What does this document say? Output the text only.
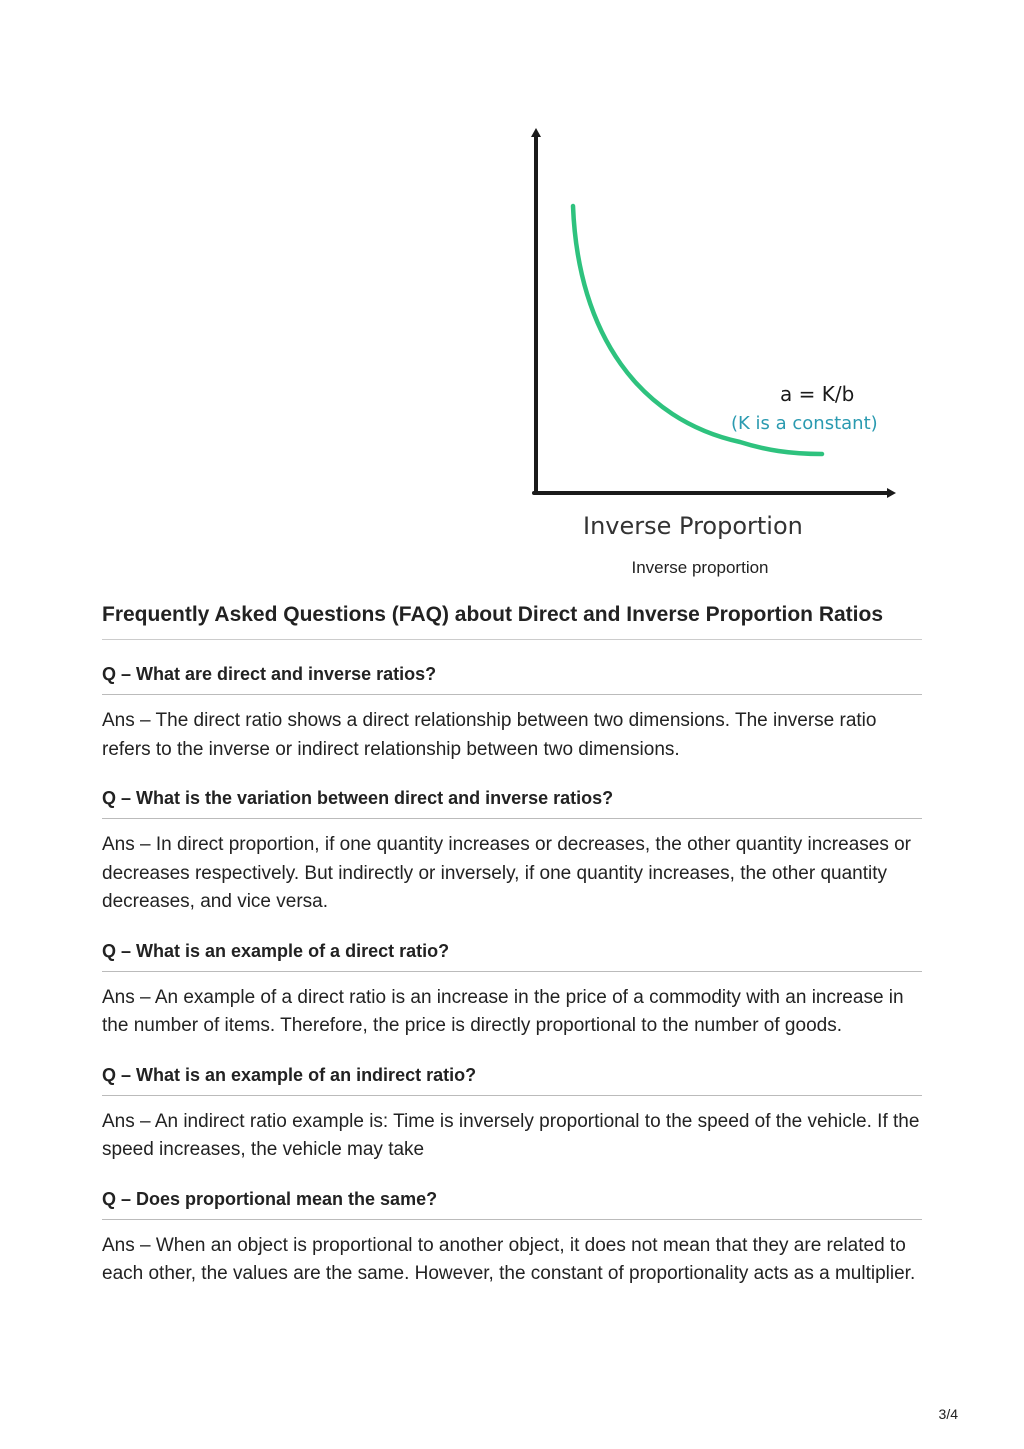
a = K/b
(K is a constant)
Inverse Proportion
Inverse proportion
Frequently Asked Questions (FAQ) about Direct and Inverse Proportion Ratios
Q – What are direct and inverse ratios?

Ans – The direct ratio shows a direct relationship between two dimensions. The inverse ratio refers to the inverse or indirect relationship between two dimensions.

Q – What is the variation between direct and inverse ratios?

Ans – In direct proportion, if one quantity increases or decreases, the other quantity increases or decreases respectively. But indirectly or inversely, if one quantity increases, the other quantity decreases, and vice versa.

Q – What is an example of a direct ratio?

Ans – An example of a direct ratio is an increase in the price of a commodity with an increase in the number of items. Therefore, the price is directly proportional to the number of goods.

Q – What is an example of an indirect ratio?

Ans – An indirect ratio example is: Time is inversely proportional to the speed of the vehicle. If the speed increases, the vehicle may take

Q – Does proportional mean the same?

Ans – When an object is proportional to another object, it does not mean that they are related to each other, the values are the same. However, the constant of proportionality acts as a multiplier.

3/4
